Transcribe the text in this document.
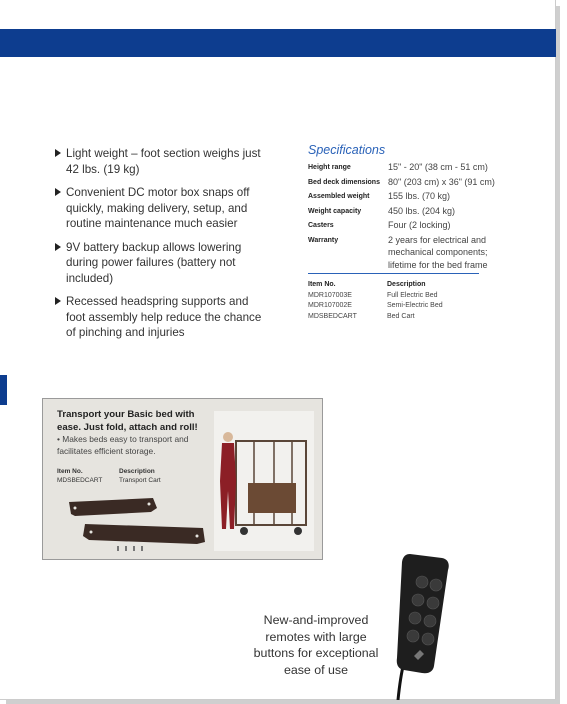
Light weight – foot section weighs just 42 lbs. (19 kg)
Convenient DC motor box snaps off quickly, making delivery, setup, and routine maintenance much easier
9V battery backup allows lowering during power failures (battery not included)
Recessed headspring supports and foot assembly help reduce the chance of pinching and injuries
Specifications
Height range	15" - 20" (38 cm - 51 cm)
Bed deck dimensions 80" (203 cm) x 36" (91 cm)
Assembled weight	155 lbs. (70 kg)
Weight capacity	450 lbs. (204 kg)
Casters	Four (2 locking)
Warranty	2 years for electrical and mechanical components; lifetime for the bed frame
Item No.	Description
MDR107003E	Full Electric Bed
MDR107002E	Semi-Electric Bed
MDSBEDCART	Bed Cart
Transport your Basic bed with ease. Just fold, attach and roll!
• Makes beds easy to transport and facilitates efficient storage.
Item No.	Description
MDSBEDCART	Transport Cart
New-and-improved remotes with large buttons for exceptional ease of use
